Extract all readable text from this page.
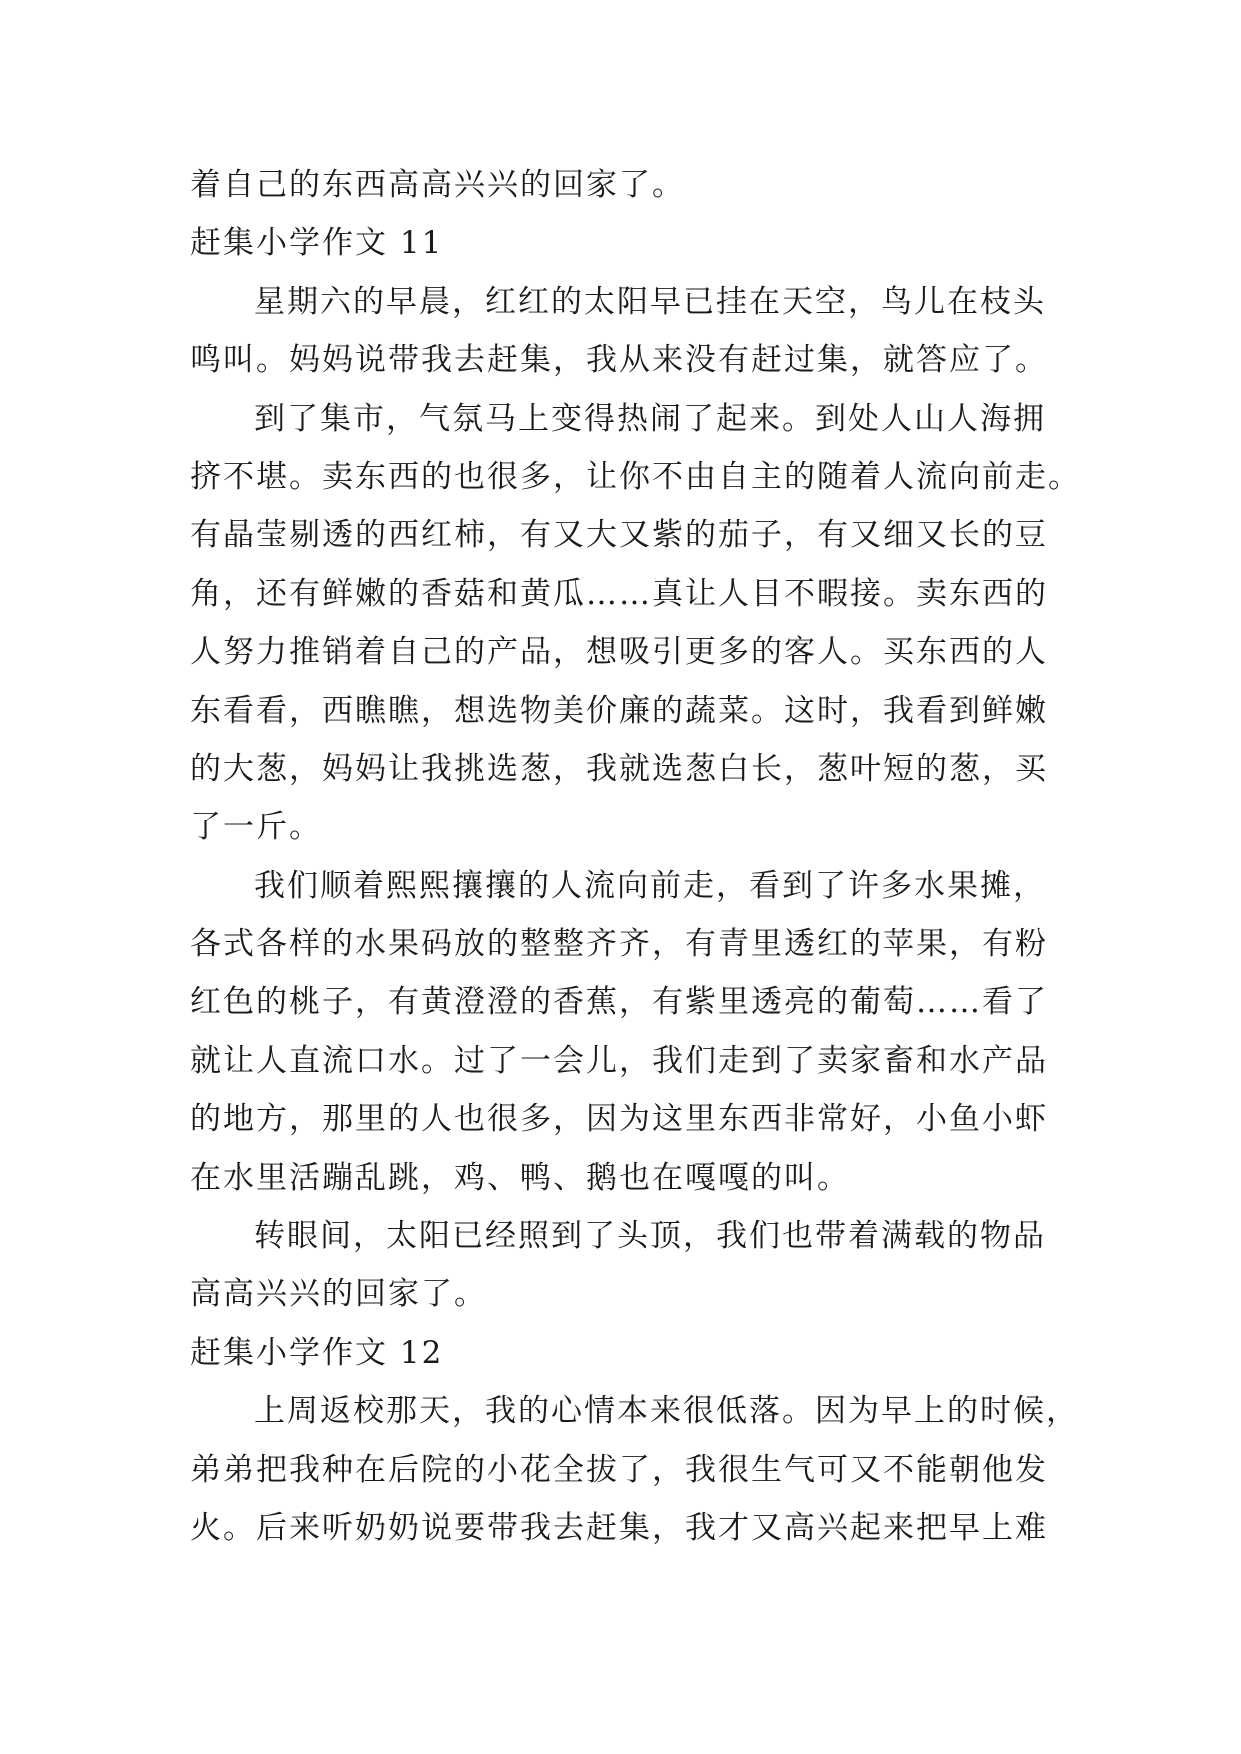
着自己的东西高高兴兴的回家了。
赶集小学作文 11
星期六的早晨，红红的太阳早已挂在天空，鸟儿在枝头
鸣叫。妈妈说带我去赶集，我从来没有赶过集，就答应了。
到了集市，气氛马上变得热闹了起来。到处人山人海拥
挤不堪。卖东西的也很多，让你不由自主的随着人流向前走。
有晶莹剔透的西红柿，有又大又紫的茄子，有又细又长的豆
角，还有鲜嫩的香菇和黄瓜……真让人目不暇接。卖东西的
人努力推销着自己的产品，想吸引更多的客人。买东西的人
东看看，西瞧瞧，想选物美价廉的蔬菜。这时，我看到鲜嫩
的大葱，妈妈让我挑选葱，我就选葱白长，葱叶短的葱，买
了一斤。
我们顺着熙熙攘攘的人流向前走，看到了许多水果摊，
各式各样的水果码放的整整齐齐，有青里透红的苹果，有粉
红色的桃子，有黄澄澄的香蕉，有紫里透亮的葡萄……看了
就让人直流口水。过了一会儿，我们走到了卖家畜和水产品
的地方，那里的人也很多，因为这里东西非常好，小鱼小虾
在水里活蹦乱跳，鸡、鸭、鹅也在嘎嘎的叫。
转眼间，太阳已经照到了头顶，我们也带着满载的物品
高高兴兴的回家了。
赶集小学作文 12
上周返校那天，我的心情本来很低落。因为早上的时候，
弟弟把我种在后院的小花全拔了，我很生气可又不能朝他发
火。后来听奶奶说要带我去赶集，我才又高兴起来把早上难
